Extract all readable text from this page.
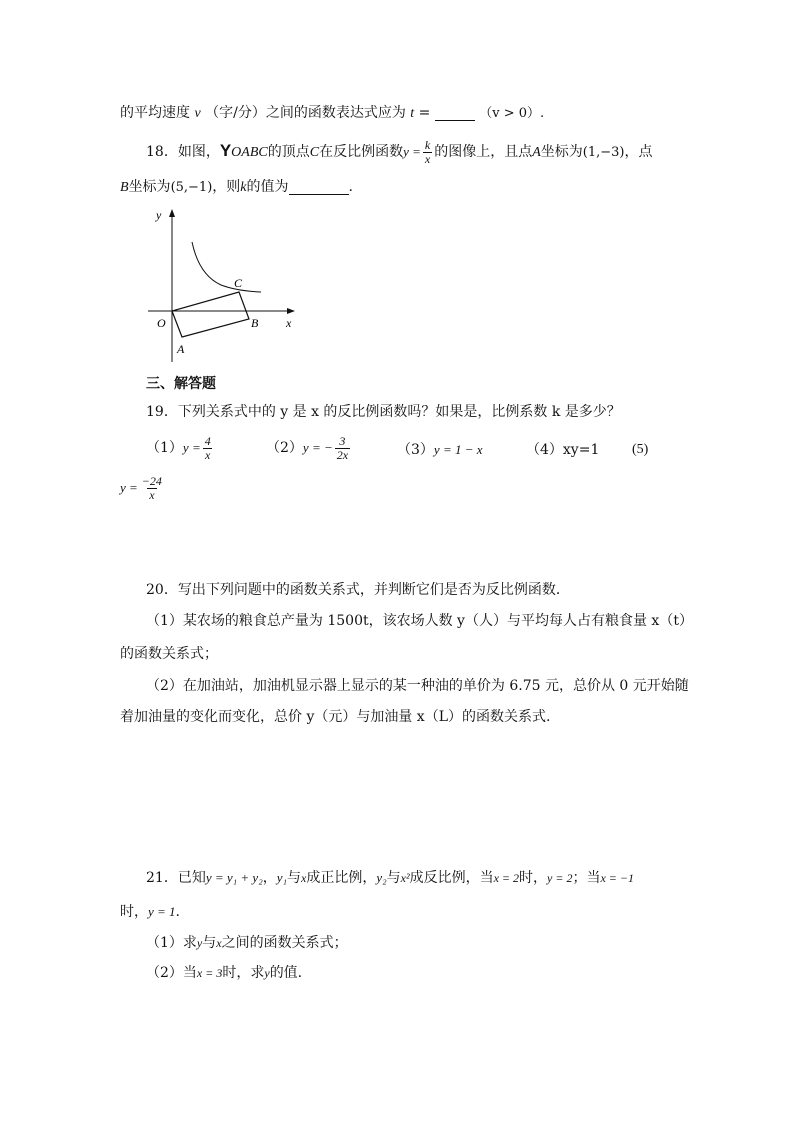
的平均速度 v （字/分）之间的函数表达式应为 t =	（v > 0）.
18．如图，YOABC的顶点C在反比例函数$y = \frac{k}{x}$ 的图像上，且点A坐标为(1,−3)，点
B坐标为(5,−1)，则k的值为	.
y
x
O
A
B
C
三、解答题
19．下列关系式中的 y 是 x 的反比例函数吗？如果是，比例系数 k 是多少？
$(1)y = \frac{4}{x}$	（2）y = − $\frac{3}{2x}$	（3）y = 1 − x	（4）xy=1 (5)
$y = \frac{-24}{x}$
20．写出下列问题中的函数关系式，并判断它们是否为反比例函数．
（1）某农场的粮食总产量为 1500t，该农场人数 y（人）与平均每人占有粮食量 x（t）
的函数关系式；
（2）在加油站，加油机显示器上显示的某一种油的单价为 6.75 元，总价从 0 元开始随
着加油量的变化而变化，总价 y（元）与加油量 x（L）的函数关系式.
21．已知y = y₁ + y₂，y₁与x成正比例，y₂与x²成反比例，当x = 2时，y = 2；当x = −1
时，y = 1.
（1）求y与x之间的函数关系式；
（2）当x = 3时，求y的值.
